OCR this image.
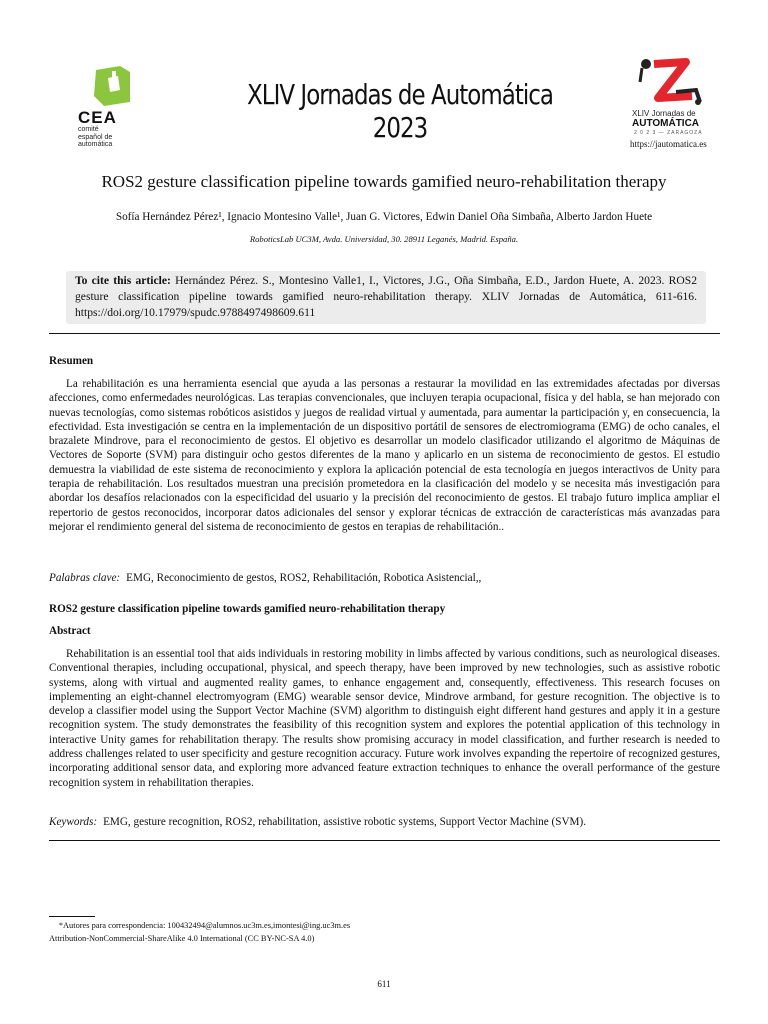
CEA
comité
español de
automática
XLIV Jornadas de Automática 2023	XLIV Jornadas de
AUTOMÁTICA
2 0 2 3 — ZARAGOZA
https://jautomatica.es
ROS2 gesture classification pipeline towards gamified neuro-rehabilitation therapy
Sofía Hernández Pérez¹, Ignacio Montesino Valle¹, Juan G. Victores, Edwin Daniel Oña Simbaña, Alberto Jardon Huete
RoboticsLab UC3M, Avda. Universidad, 30. 28911 Leganés, Madrid. España.
To cite this article: Hernández Pérez. S., Montesino Valle1, I., Victores, J.G., Oña Simbaña, E.D., Jardon Huete, A. 2023. ROS2 gesture classification pipeline towards gamified neuro-rehabilitation therapy. XLIV Jornadas de Automática, 611-616. https://doi.org/10.17979/spudc.9788497498609.611
Resumen

La rehabilitación es una herramienta esencial que ayuda a las personas a restaurar la movilidad en las extremidades afectadas por diversas afecciones, como enfermedades neurológicas. Las terapias convencionales, que incluyen terapia ocupacional, física y del habla, se han mejorado con nuevas tecnologías, como sistemas robóticos asistidos y juegos de realidad virtual y aumentada, para aumentar la participación y, en consecuencia, la efectividad. Esta investigación se centra en la implementación de un dispositivo portátil de sensores de electromiograma (EMG) de ocho canales, el brazalete Mindrove, para el reconocimiento de gestos. El objetivo es desarrollar un modelo clasificador utilizando el algoritmo de Máquinas de Vectores de Soporte (SVM) para distinguir ocho gestos diferentes de la mano y aplicarlo en un sistema de reconocimiento de gestos. El estudio demuestra la viabilidad de este sistema de reconocimiento y explora la aplicación potencial de esta tecnología en juegos interactivos de Unity para terapia de rehabilitación. Los resultados muestran una precisión prometedora en la clasificación del modelo y se necesita más investigación para abordar los desafíos relacionados con la especificidad del usuario y la precisión del reconocimiento de gestos. El trabajo futuro implica ampliar el repertorio de gestos reconocidos, incorporar datos adicionales del sensor y explorar técnicas de extracción de características más avanzadas para mejorar el rendimiento general del sistema de reconocimiento de gestos en terapias de rehabilitación..

Palabras clave: EMG, Reconocimiento de gestos, ROS2, Rehabilitación, Robotica Asistencial,,
ROS2 gesture classification pipeline towards gamified neuro-rehabilitation therapy
Abstract

Rehabilitation is an essential tool that aids individuals in restoring mobility in limbs affected by various conditions, such as neurological diseases. Conventional therapies, including occupational, physical, and speech therapy, have been improved by new technologies, such as assistive robotic systems, along with virtual and augmented reality games, to enhance engagement and, consequently, effectiveness. This research focuses on implementing an eight-channel electromyogram (EMG) wearable sensor device, Mindrove armband, for gesture recognition. The objective is to develop a classifier model using the Support Vector Machine (SVM) algorithm to distinguish eight different hand gestures and apply it in a gesture recognition system. The study demonstrates the feasibility of this recognition system and explores the potential application of this technology in interactive Unity games for rehabilitation therapy. The results show promising accuracy in model classification, and further research is needed to address challenges related to user specificity and gesture recognition accuracy. Future work involves expanding the repertoire of recognized gestures, incorporating additional sensor data, and exploring more advanced feature extraction techniques to enhance the overall performance of the gesture recognition system in rehabilitation therapies.

Keywords: EMG, gesture recognition, ROS2, rehabilitation, assistive robotic systems, Support Vector Machine (SVM).
*Autores para correspondencia: 100432494@alumnos.uc3m.es,imontesi@ing.uc3m.es
Attribution-NonCommercial-ShareAlike 4.0 International (CC BY-NC-SA 4.0)
611
